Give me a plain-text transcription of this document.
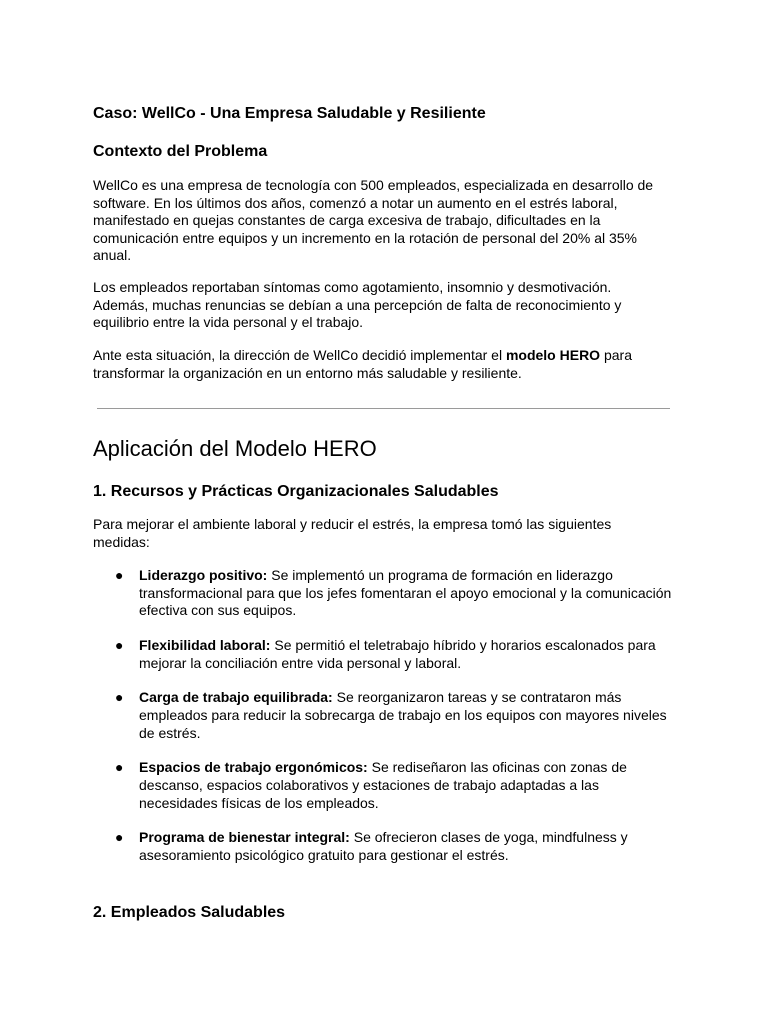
Caso: WellCo - Una Empresa Saludable y Resiliente
Contexto del Problema

WellCo es una empresa de tecnología con 500 empleados, especializada en desarrollo de software. En los últimos dos años, comenzó a notar un aumento en el estrés laboral, manifestado en quejas constantes de carga excesiva de trabajo, dificultades en la comunicación entre equipos y un incremento en la rotación de personal del 20% al 35% anual.

Los empleados reportaban síntomas como agotamiento, insomnio y desmotivación. Además, muchas renuncias se debían a una percepción de falta de reconocimiento y equilibrio entre la vida personal y el trabajo.

Ante esta situación, la dirección de WellCo decidió implementar el modelo HERO para transformar la organización en un entorno más saludable y resiliente.

Aplicación del Modelo HERO
1. Recursos y Prácticas Organizacionales Saludables

Para mejorar el ambiente laboral y reducir el estrés, la empresa tomó las siguientes medidas:

● Liderazgo positivo: Se implementó un programa de formación en liderazgo transformacional para que los jefes fomentaran el apoyo emocional y la comunicación efectiva con sus equipos.
● Flexibilidad laboral: Se permitió el teletrabajo híbrido y horarios escalonados para mejorar la conciliación entre vida personal y laboral.
● Carga de trabajo equilibrada: Se reorganizaron tareas y se contrataron más empleados para reducir la sobrecarga de trabajo en los equipos con mayores niveles de estrés.
● Espacios de trabajo ergonómicos: Se rediseñaron las oficinas con zonas de descanso, espacios colaborativos y estaciones de trabajo adaptadas a las necesidades físicas de los empleados.
● Programa de bienestar integral: Se ofrecieron clases de yoga, mindfulness y asesoramiento psicológico gratuito para gestionar el estrés.
2. Empleados Saludables
